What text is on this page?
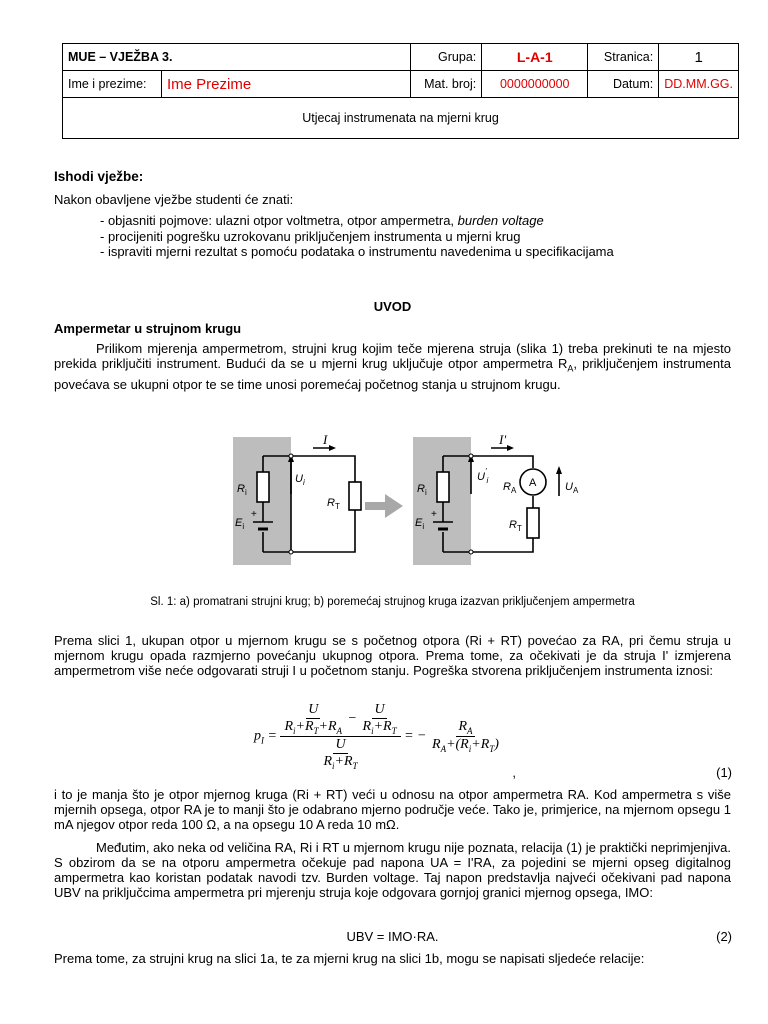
MUE – VJEŽBA 3.		Grupa:	L-A-1	Stranica:	1
Ime i prezime:	Ime Prezime	Mat. broj:	0000000000	Datum:	DD.MM.GG.
Utjecaj instrumenata na mjerni krug					
Ishodi vježbe:
Nakon obavljene vježbe studenti će znati:
- objasniti pojmove: ulazni otpor voltmetra, otpor ampermetra, burden voltage
- procijeniti pogrešku uzrokovanu priključenjem instrumenta u mjerni krug
- ispraviti mjerni rezultat s pomoću podataka o instrumentu navedenima u specifikacijama
UVOD
Ampermetar u strujnom krugu
Prilikom mjerenja ampermetrom, strujni krug kojim teče mjerena struja (slika 1) treba prekinuti te na mjesto prekida priključiti instrument. Budući da se u mjerni krug uključuje otpor ampermetra $R_A$, priključenjem instrumenta povećava se ukupni otpor te se time unosi poremećaj početnog stanja u strujnom krugu.
I
$R_i$
$U_i$
$E_i$
$R_T$
+
A
I'
$R_i$
$U'_i$
$E_i$
$R_A$	$U_A$
$R_T$
+
Sl. 1: a) promatrani strujni krug; b) poremećaj strujnog kruga izazvan priključenjem ampermetra
Prema slici 1, ukupan otpor u mjernom krugu se s početnog otpora (Ri + RT) povećao za RA, pri čemu struja u mjernom krugu opada razmjerno povećanju ukupnog otpora. Prema tome, za očekivati je da struja I' izmjerena ampermetrom više neće odgovarati struji I u početnom stanju. Pogreška stvorena priključenjem instrumenta iznosi:
$p_I = \frac{\frac{U}{R_i+R_T+R_A} - \frac{U}{R_i+R_T}}{\frac{U}{R_i+R_T}}$ = − $\frac{R_A}{R_A+(R_i+R_T)}$
,	(1)
i to je manja što je otpor mjernog kruga (Ri + RT) veći u odnosu na otpor ampermetra RA. Kod ampermetra s više mjernih opsega, otpor RA je to manji što je odabrano mjerno područje veće. Tako je, primjerice, na mjernom opsegu 1 mA njegov otpor reda 100 Ω, a na opsegu 10 A reda 10 mΩ.
Međutim, ako neka od veličina RA, Ri i RT u mjernom krugu nije poznata, relacija (1) je praktički neprimjenjiva. S obzirom da se na otporu ampermetra očekuje pad napona UA = I'RA, za pojedini se mjerni opseg digitalnog ampermetra kao koristan podatak navodi tzv. Burden voltage. Taj napon predstavlja najveći očekivani pad napona UBV na priključcima ampermetra pri mjerenju struja koje odgovara gornjoj granici mjernog opsega, IMO:
UBV = IMO·RA.	(2)
Prema tome, za strujni krug na slici 1a, te za mjerni krug na slici 1b, mogu se napisati sljedeće relacije:
